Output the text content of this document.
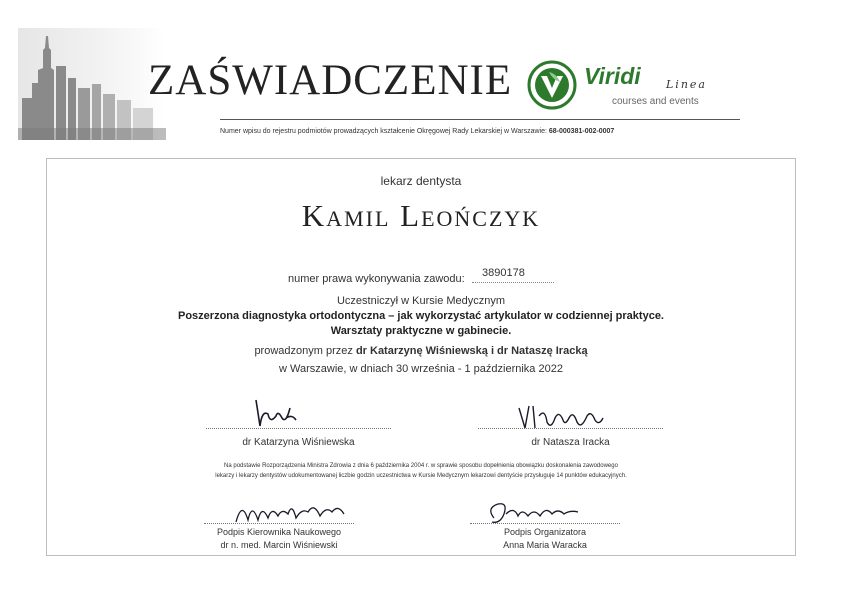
ZAŚWIADCZENIE	Viridi Linea
courses and events
Numer wpisu do rejestru podmiotów prowadzących kształcenie Okręgowej Rady Lekarskiej w Warszawie: 68-000381-002-0007
lekarz dentysta
Kamil Leończyk
numer prawa wykonywania zawodu: 3890178
Uczestniczył w Kursie Medycznym
Poszerzona diagnostyka ortodontyczna – jak wykorzystać artykulator w codziennej praktyce.
Warsztaty praktyczne w gabinecie.
prowadzonym przez dr Katarzynę Wiśniewską i dr Nataszę Iracką
w Warszawie, w dniach 30 września - 1 października 2022
dr Katarzyna Wiśniewska	dr Natasza Iracka
Na podstawie Rozporządzenia Ministra Zdrowia z dnia 6 października 2004 r. w sprawie sposobu dopełnienia obowiązku doskonalenia zawodowego
lekarzy i lekarzy dentystów udokumentowanej liczbie godzin uczestnictwa w Kursie Medycznym lekarzowi dentyście przysługuje 14 punktów edukacyjnych.
Podpis Kierownika Naukowego
dr n. med. Marcin Wiśniewski
Podpis Organizatora
Anna Maria Waracka
